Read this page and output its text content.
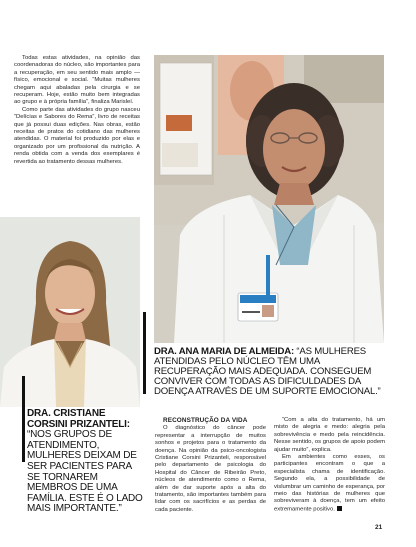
Todas estas atividades, na opinião das coordenadoras do núcleo, são importantes para a recuperação, em seu sentido mais amplo — físico, emocional e social. “Muitas mulheres chegam aqui abaladas pela cirurgia e se recuperam. Hoje, estão muito bem integradas ao grupo e à própria família”, finaliza Marisleí.

Como parte das atividades do grupo nasceu “Delícias e Sabores do Rema”, livro de receitas que já possui duas edições. Nas obras, estão receitas de pratos do cotidiano das mulheres atendidas. O material foi produzido por elas e organizado por um profissional da nutrição. A renda obtida com a venda dos exemplares é revertida ao tratamento dessas mulheres.

DRA. ANA MARIA DE ALMEIDA: “AS MULHERES ATENDIDAS PELO NÚCLEO TÊM UMA RECUPERAÇÃO MAIS ADEQUADA. CONSEGUEM CONVIVER COM TODAS AS DIFICULDADES DA DOENÇA ATRAVÉS DE UM SUPORTE EMOCIONAL.”
DRA. CRISTIANE CORSINI PRIZANTELI: “NOS GRUPOS DE ATENDIMENTO, MULHERES DEIXAM DE SER PACIENTES PARA SE TORNAREM MEMBROS DE UMA FAMÍLIA. ESTE É O LADO MAIS IMPORTANTE.”
RECONSTRUÇÃO DA VIDA

O diagnóstico do câncer pode representar a interrupção de muitos sonhos e projetos para o tratamento da doença. Na opinião da psico-oncologista Cristiane Corsini Prizanteli, responsável pelo departamento de psicologia do Hospital do Câncer de Ribeirão Preto, núcleos de atendimento como o Rema, além de dar suporte após a alta do tratamento, são importantes também para lidar com os sacrifícios e as perdas de cada paciente.

“Com a alta do tratamento, há um misto de alegria e medo: alegria pela sobrevivência e medo pela reincidência. Nesse sentido, os grupos de apoio podem ajudar muito”, explica.

Em ambientes como esses, os participantes encontram o que a especialista chama de identificação. Segundo ela, a possibilidade de vislumbrar um caminho de esperança, por meio das histórias de mulheres que sobreviveram à doença, tem um efeito extremamente positivo.

21
